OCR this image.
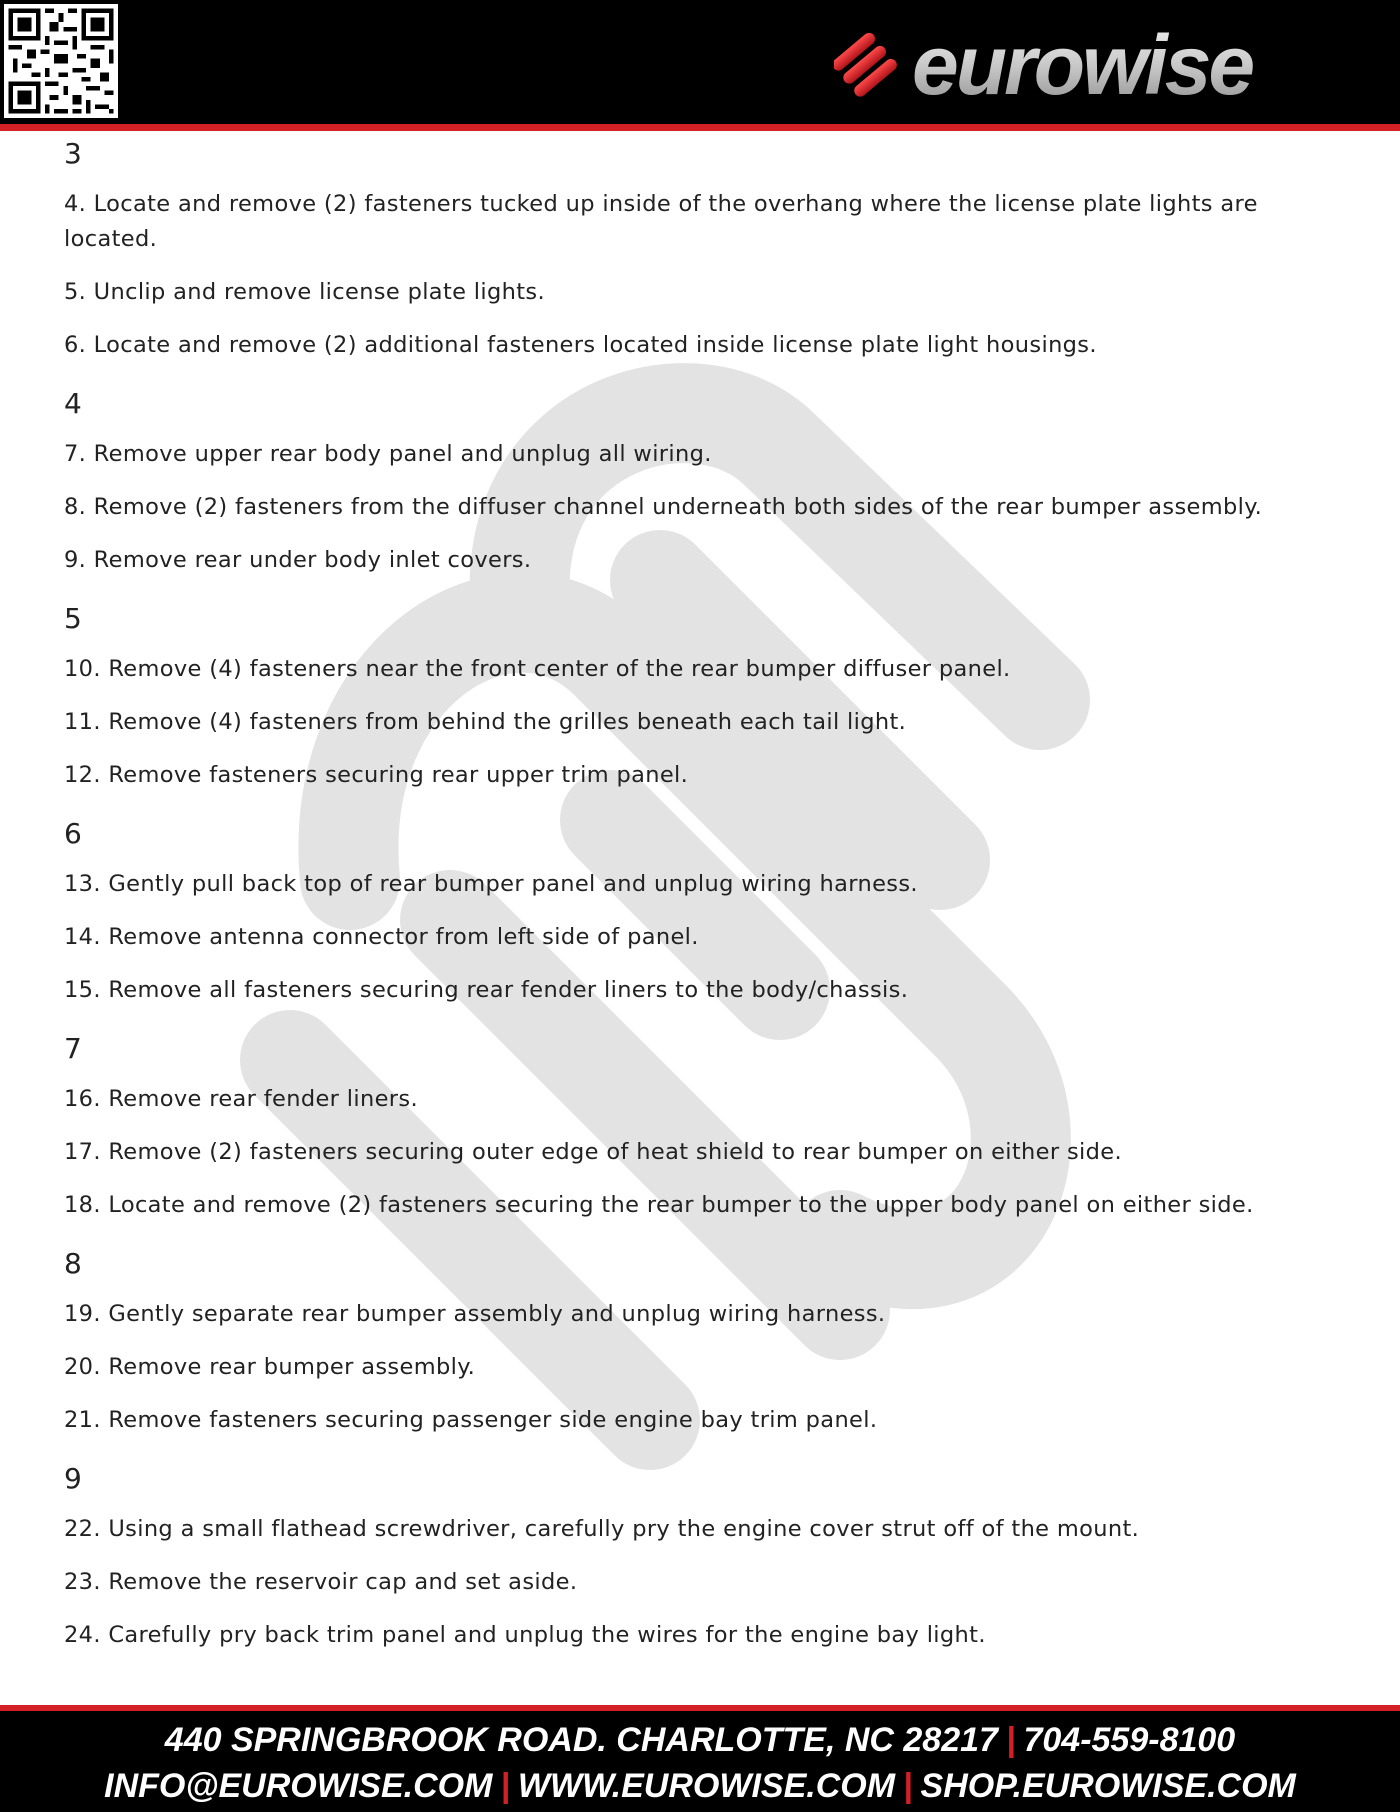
eurowise
3
4. Locate and remove (2) fasteners tucked up inside of the overhang where the license plate lights are located.
5. Unclip and remove license plate lights.
6. Locate and remove (2) additional fasteners located inside license plate light housings.
4
7. Remove upper rear body panel and unplug all wiring.
8. Remove (2) fasteners from the diffuser channel underneath both sides of the rear bumper assembly.
9. Remove rear under body inlet covers.
5
10. Remove (4) fasteners near the front center of the rear bumper diffuser panel.
11. Remove (4) fasteners from behind the grilles beneath each tail light.
12. Remove fasteners securing rear upper trim panel.
6
13. Gently pull back top of rear bumper panel and unplug wiring harness.
14. Remove antenna connector from left side of panel.
15. Remove all fasteners securing rear fender liners to the body/chassis.
7
16. Remove rear fender liners.
17. Remove (2) fasteners securing outer edge of heat shield to rear bumper on either side.
18. Locate and remove (2) fasteners securing the rear bumper to the upper body panel on either side.
8
19. Gently separate rear bumper assembly and unplug wiring harness.
20. Remove rear bumper assembly.
21. Remove fasteners securing passenger side engine bay trim panel.
9
22. Using a small flathead screwdriver, carefully pry the engine cover strut off of the mount.
23. Remove the reservoir cap and set aside.
24. Carefully pry back trim panel and unplug the wires for the engine bay light.
440 SPRINGBROOK ROAD. CHARLOTTE, NC 28217 | 704-559-8100
INFO@EUROWISE.COM | WWW.EUROWISE.COM | SHOP.EUROWISE.COM
